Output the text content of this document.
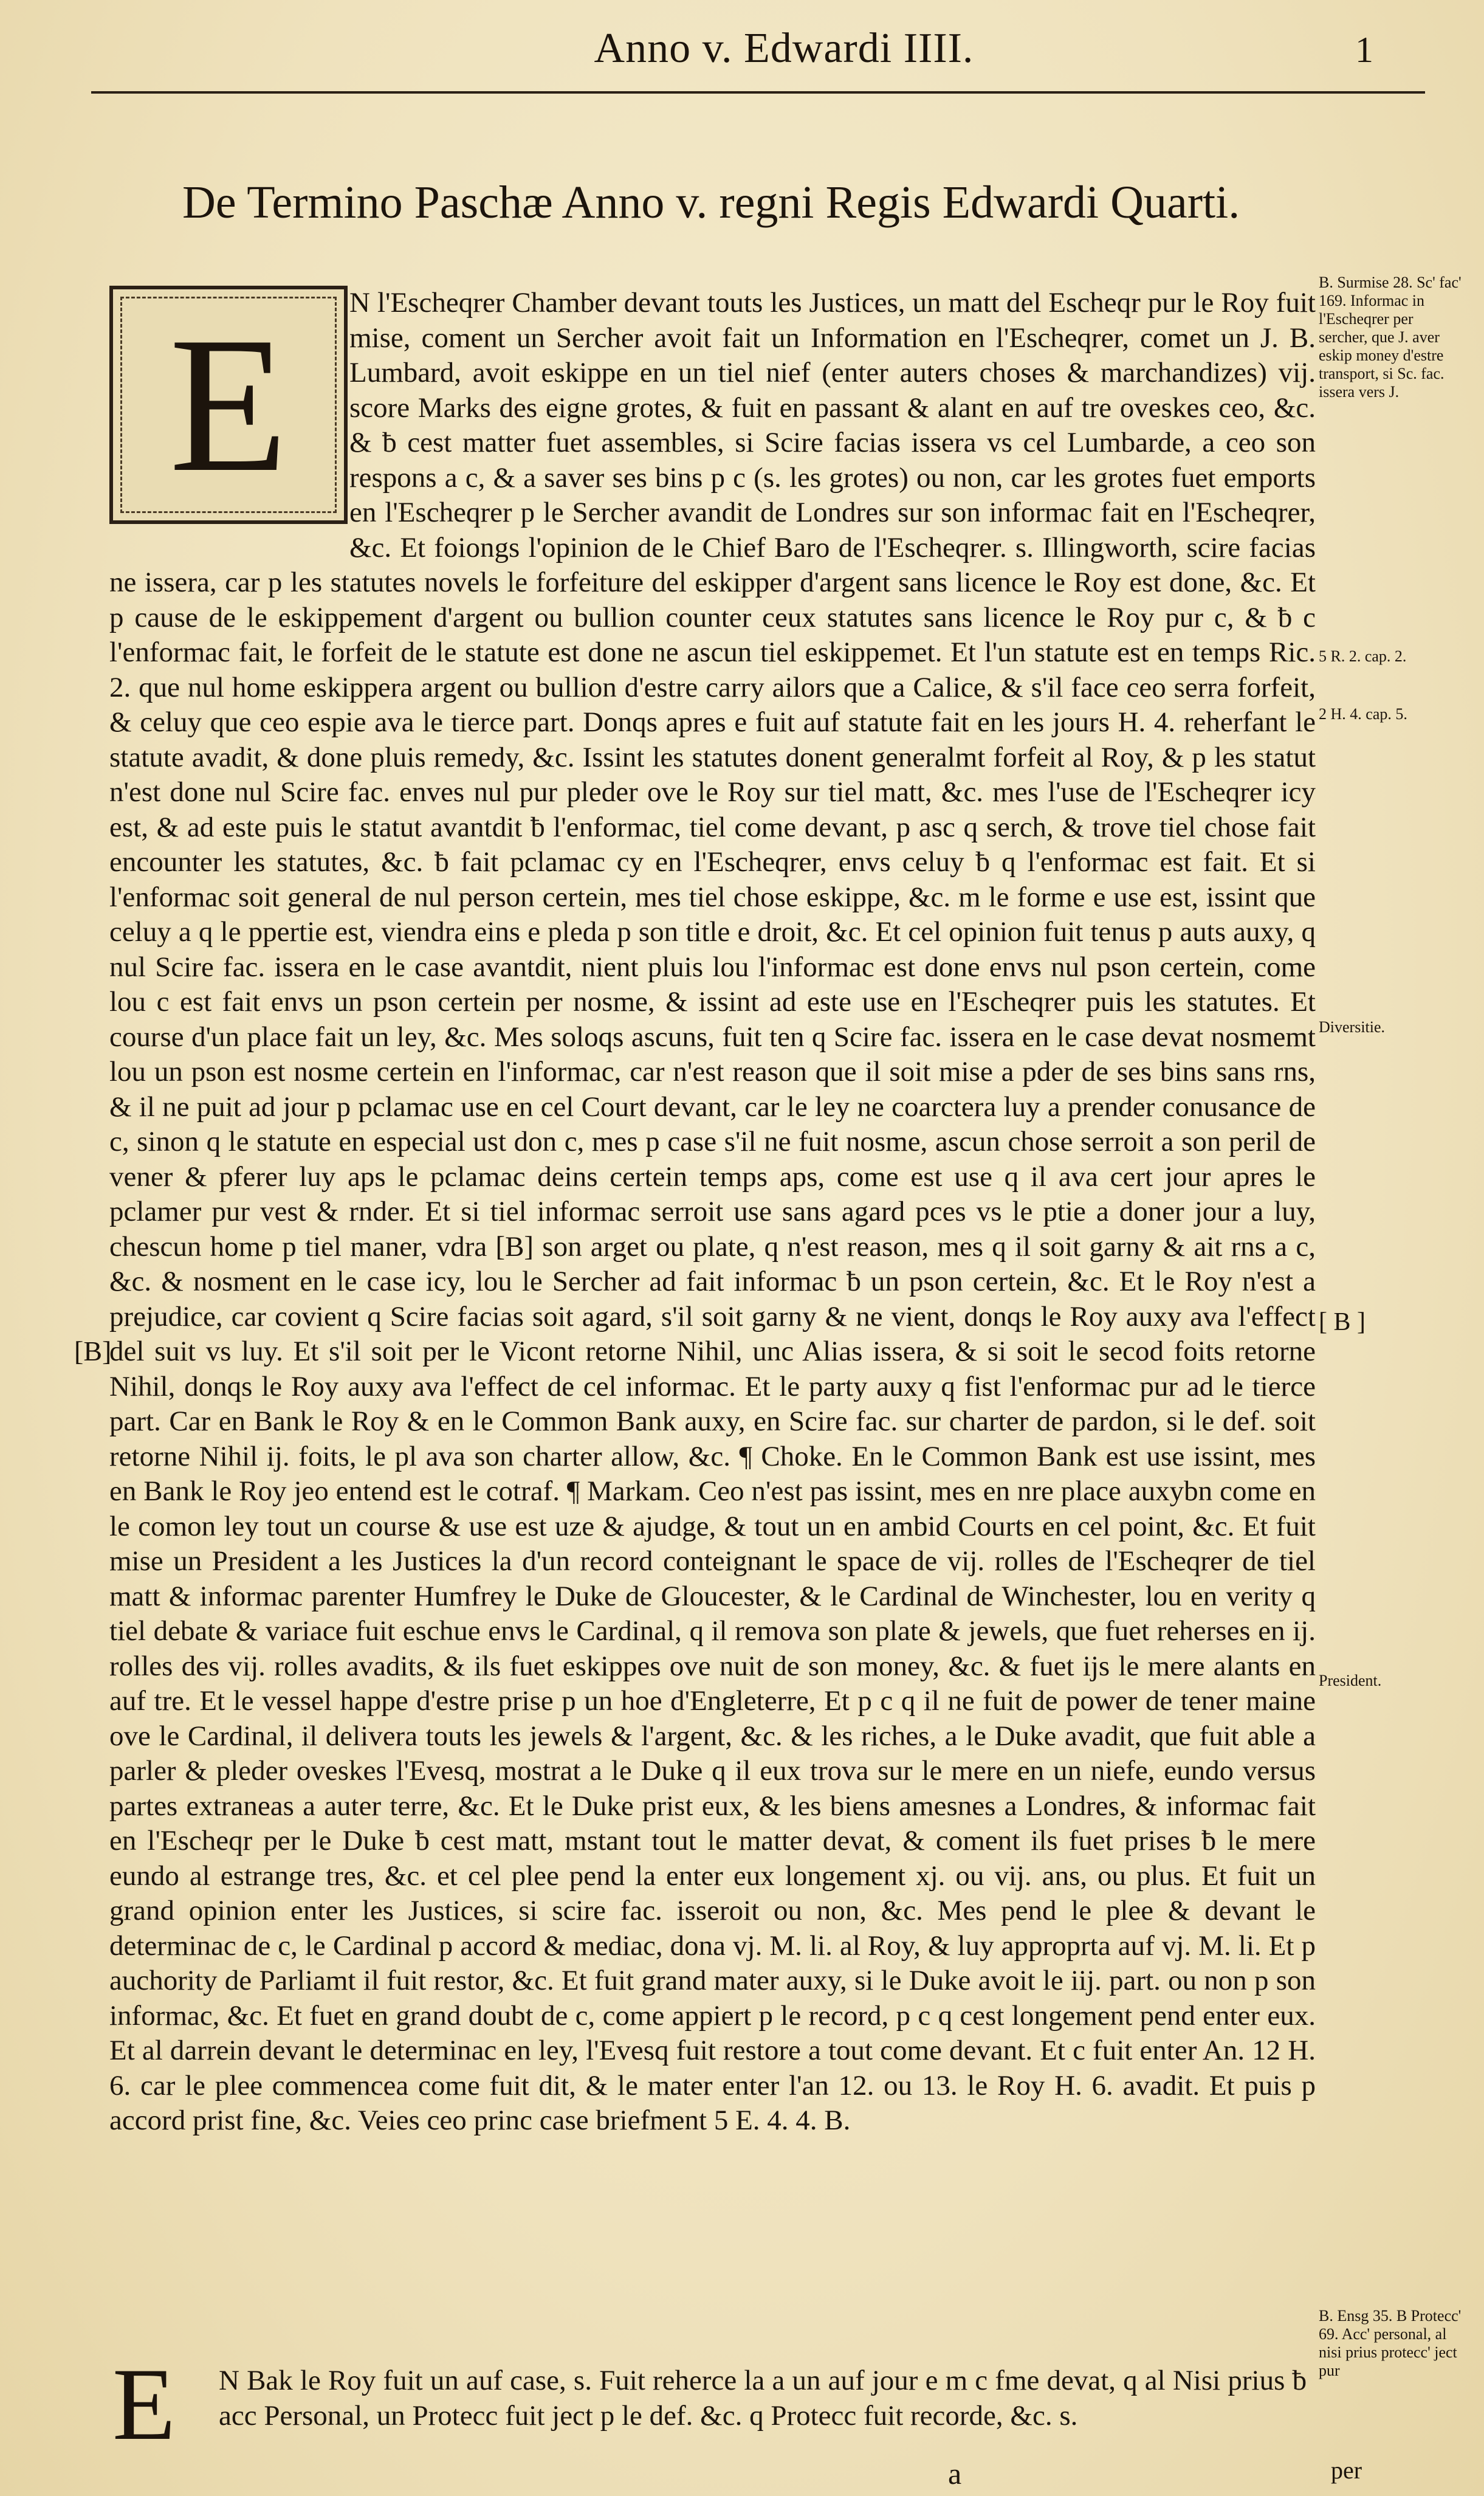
Anno v. Edwardi IIII.	1
De Termino Paschæ Anno v. regni Regis Edwardi Quarti.
E	N l'Escheqrer Chamber devant touts les Justices, un matt del Escheqr pur le Roy fuit mise, coment un Sercher avoit fait un Information en l'Escheqrer, comet un J. B. Lumbard, avoit eskippe en un tiel nief (enter auters choses & marchandizes) vij. score Marks des eigne grotes, & fuit en passant & alant en auf tre oveskes ceo, &c. & ƀ cest matter fuet assembles, si Scire facias issera vs cel Lumbarde, a ceo son respons a c, & a saver ses bins p c (s. les grotes) ou non, car les grotes fuet emports en l'Escheqrer p le Sercher avandit de Londres sur son informac fait en l'Escheqrer, &c. Et foiongs l'opinion de le Chief Baro de l'Escheqrer. s. Illingworth, scire facias ne issera, car p les statutes novels le forfeiture del eskipper d'argent sans licence le Roy est done, &c. Et p cause de le eskippement d'argent ou bullion counter ceux statutes sans licence le Roy pur c, & ƀ c l'enformac fait, le forfeit de le statute est done ne ascun tiel eskippemet. Et l'un statute est en temps Ric. 2. que nul home eskippera argent ou bullion d'estre carry ailors que a Calice, & s'il face ceo serra forfeit, & celuy que ceo espie ava le tierce part. Donqs apres e fuit auf statute fait en les jours H. 4. reherfant le statute avadit, & done pluis remedy, &c. Issint les statutes donent generalmt forfeit al Roy, & p les statut n'est done nul Scire fac. enves nul pur pleder ove le Roy sur tiel matt, &c. mes l'use de l'Escheqrer icy est, & ad este puis le statut avantdit ƀ l'enformac, tiel come devant, p asc q serch, & trove tiel chose fait encounter les statutes, &c. ƀ fait pclamac cy en l'Escheqrer, envs celuy ƀ q l'enformac est fait. Et si l'enformac soit general de nul person certein, mes tiel chose eskippe, &c. m le forme e use est, issint que celuy a q le ppertie est, viendra eins e pleda p son title e droit, &c. Et cel opinion fuit tenus p auts auxy, q nul Scire fac. issera en le case avantdit, nient pluis lou l'informac est done envs nul pson certein, come lou c est fait envs un pson certein per nosme, & issint ad este use en l'Escheqrer puis les statutes. Et course d'un place fait un ley, &c. Mes soloqs ascuns, fuit ten q Scire fac. issera en le case devat nosmemt lou un pson est nosme certein en l'informac, car n'est reason que il soit mise a pder de ses bins sans rns, & il ne puit ad jour p pclamac use en cel Court devant, car le ley ne coarctera luy a prender conusance de c, sinon q le statute en especial ust don c, mes p case s'il ne fuit nosme, ascun chose serroit a son peril de vener & pferer luy aps le pclamac deins certein temps aps, come est use q il ava cert jour apres le pclamer pur vest & rnder. Et si tiel informac serroit use sans agard pces vs le ptie a doner jour a luy, chescun home p tiel maner, vdra [B] son arget ou plate, q n'est reason, mes q il soit garny & ait rns a c, &c. & nosment en le case icy, lou le Sercher ad fait informac ƀ un pson certein, &c. Et le Roy n'est a prejudice, car covient q Scire facias soit agard, s'il soit garny & ne vient, donqs le Roy auxy ava l'effect del suit vs luy. Et s'il soit per le Vicont retorne Nihil, unc Alias issera, & si soit le secod foits retorne Nihil, donqs le Roy auxy ava l'effect de cel informac. Et le party auxy q fist l'enformac pur ad le tierce part. Car en Bank le Roy & en le Common Bank auxy, en Scire fac. sur charter de pardon, si le def. soit retorne Nihil ij. foits, le pl ava son charter allow, &c. ¶ Choke. En le Common Bank est use issint, mes en Bank le Roy jeo entend est le cotraf. ¶ Markam. Ceo n'est pas issint, mes en nre place auxybn come en le comon ley tout un course & use est uze & ajudge, & tout un en ambid Courts en cel point, &c. Et fuit mise un President a les Justices la d'un record conteignant le space de vij. rolles de l'Escheqrer de tiel matt & informac parenter Humfrey le Duke de Gloucester, & le Cardinal de Winchester, lou en verity q tiel debate & variace fuit eschue envs le Cardinal, q il remova son plate & jewels, que fuet reherses en ij. rolles des vij. rolles avadits, & ils fuet eskippes ove nuit de son money, &c. & fuet ijs le mere alants en auf tre. Et le vessel happe d'estre prise p un hoe d'Engleterre, Et p c q il ne fuit de power de tener maine ove le Cardinal, il delivera touts les jewels & l'argent, &c. & les riches, a le Duke avadit, que fuit able a parler & pleder oveskes l'Evesq, mostrat a le Duke q il eux trova sur le mere en un niefe, eundo versus partes extraneas a auter terre, &c. Et le Duke prist eux, & les biens amesnes a Londres, & informac fait en l'Escheqr per le Duke ƀ cest matt, mstant tout le matter devat, & coment ils fuet prises ƀ le mere eundo al estrange tres, &c. et cel plee pend la enter eux longement xj. ou vij. ans, ou plus. Et fuit un grand opinion enter les Justices, si scire fac. isseroit ou non, &c. Mes pend le plee & devant le determinac de c, le Cardinal p accord & mediac, dona vj. M. li. al Roy, & luy approprta auf vj. M. li. Et p auchority de Parliamt il fuit restor, &c. Et fuit grand mater auxy, si le Duke avoit le iij. part. ou non p son informac, &c. Et fuet en grand doubt de c, come appiert p le record, p c q cest longement pend enter eux. Et al darrein devant le determinac en ley, l'Evesq fuit restore a tout come devant. Et c fuit enter An. 12 H. 6. car le plee commencea come fuit dit, & le mater enter l'an 12. ou 13. le Roy H. 6. avadit. Et puis p accord prist fine, &c. Veies ceo princ case briefment 5 E. 4. 4. B.

[B]
B. Surmise 28. Sc' fac' 169. Informac in l'Escheqrer per sercher, que J. aver eskip money d'estre transport, si Sc. fac. issera vers J.
5 R. 2. cap. 2.
2 H. 4. cap. 5.
Diversitie.
[ B ]
President.
B. Ensg 35. B Protecc' 69. Acc' personal, al nisi prius protecc' ject pur
E	N Bak le Roy fuit un auf case, s. Fuit reherce la a un auf jour e m c fme devat, q al Nisi prius ƀ acc Personal, un Protecc fuit ject p le def. &c. q Protecc fuit recorde, &c. s.
a	per
